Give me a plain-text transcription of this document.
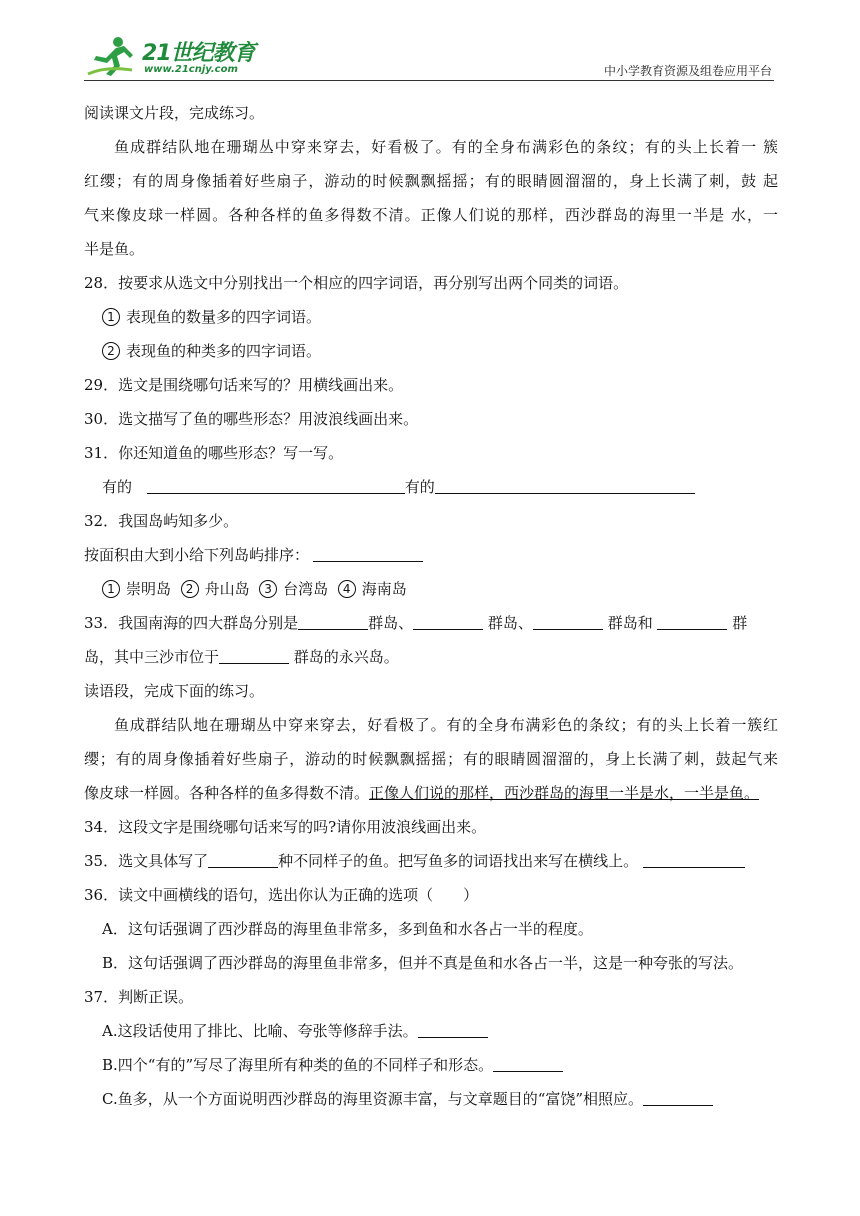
21世纪教育
www.21cnjy.com	中小学教育资源及组卷应用平台
阅读课文片段，完成练习。
鱼成群结队地在珊瑚丛中穿来穿去，好看极了。有的全身布满彩色的条纹；有的头上长着一 簇
红缨；有的周身像插着好些扇子，游动的时候飘飘摇摇；有的眼睛圆溜溜的，身上长满了刺，鼓 起
气来像皮球一样圆。各种各样的鱼多得数不清。正像人们说的那样，西沙群岛的海里一半是 水，一
半是鱼。
28．按要求从选文中分别找出一个相应的四字词语，再分别写出两个同类的词语。
1 表现鱼的数量多的四字词语。
2 表现鱼的种类多的四字词语。
29．选文是围绕哪句话来写的？用横线画出来。
30．选文描写了鱼的哪些形态？用波浪线画出来。
31．你还知道鱼的哪些形态？写一写。
有的	有的
32．我国岛屿知多少。
按面积由大到小给下列岛屿排序：
1 崇明岛 2 舟山岛 3 台湾岛 4 海南岛
33．我国南海的四大群岛分别是	群岛、	群岛、	群岛和	群
岛，其中三沙市位于	群岛的永兴岛。
读语段，完成下面的练习。
鱼成群结队地在珊瑚丛中穿来穿去，好看极了。有的全身布满彩色的条纹；有的头上长着一簇红
缨；有的周身像插着好些扇子，游动的时候飘飘摇摇；有的眼睛圆溜溜的，身上长满了刺，鼓起气来
像皮球一样圆。各种各样的鱼多得数不清。正像人们说的那样，西沙群岛的海里一半是水，一半是鱼。
34．这段文字是围绕哪句话来写的吗?请你用波浪线画出来。
35．选文具体写了	种不同样子的鱼。把写鱼多的词语找出来写在横线上。
36．读文中画横线的语句，选出你认为正确的选项（　　）
A．这句话强调了西沙群岛的海里鱼非常多，多到鱼和水各占一半的程度。
B．这句话强调了西沙群岛的海里鱼非常多，但并不真是鱼和水各占一半，这是一种夸张的写法。
37．判断正误。
A.这段话使用了排比、比喻、夸张等修辞手法。
B.四个“有的”写尽了海里所有种类的鱼的不同样子和形态。
C.鱼多，从一个方面说明西沙群岛的海里资源丰富，与文章题目的“富饶”相照应。
